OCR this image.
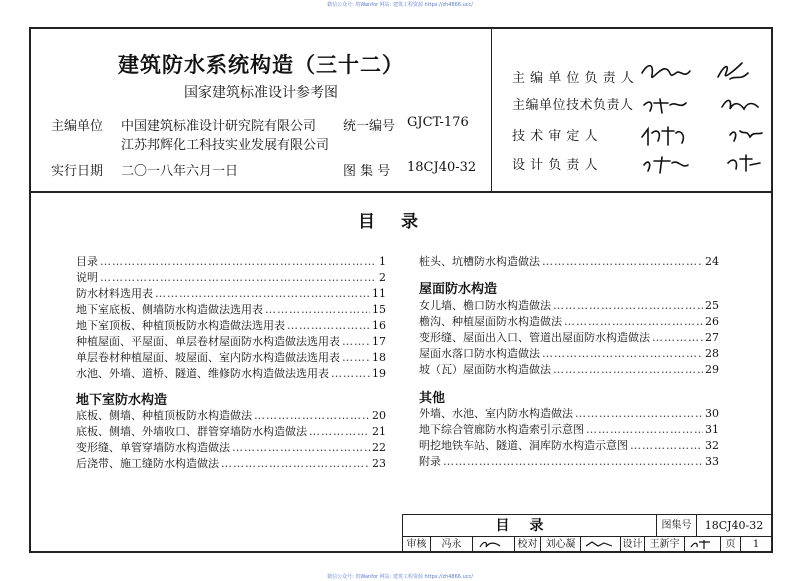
微信公众号: 筑Wanfor 网站: 建筑工程资源 https://zh4866.ucc/
建筑防水系统构造（三十二）
国家建筑标准设计参考图
主编单位 中国建筑标准设计研究院有限公司
江苏邦辉化工科技实业发展有限公司
统一编号 GJCT-176
实行日期 二〇一八年六月一日	图 集 号 18CJ40-32
主 编 单 位 负 责 人
主编单位技术负责人
技 术 审 定 人
设 计 负 责 人
目录
目录 …………………………………………………………………………………………………………………………………………………………	1
说明 …………………………………………………………………………………………………………………………………………………………	2
防水材料选用表 …………………………………………………………………………………………………………………………………………………………	11
地下室底板、侧墙防水构造做法选用表 …………………………………………………………………………………………………………………………………………………………	15
地下室顶板、种植顶板防水构造做法选用表 …………………………………………………………………………………………………………………………………………………………	16
种植屋面、平屋面、单层卷材屋面防水构造做法选用表 …………………………………………………………………………………………………………………………………………………………	17
单层卷材种植屋面、坡屋面、室内防水构造做法选用表 …………………………………………………………………………………………………………………………………………………………	18
水池、外墙、道桥、隧道、维修防水构造做法选用表 …………………………………………………………………………………………………………………………………………………………	19
地下室防水构造
底板、侧墙、种植顶板防水构造做法 …………………………………………………………………………………………………………………………………………………………	20
底板、侧墙、外墙收口、群管穿墙防水构造做法 …………………………………………………………………………………………………………………………………………………………	21
变形缝、单管穿墙防水构造做法 …………………………………………………………………………………………………………………………………………………………	22
后浇带、施工缝防水构造做法 …………………………………………………………………………………………………………………………………………………………	23
桩头、坑槽防水构造做法 …………………………………………………………………………………………………………………………………………………………	24
屋面防水构造
女儿墙、檐口防水构造做法 …………………………………………………………………………………………………………………………………………………………	25
檐沟、种植屋面防水构造做法 …………………………………………………………………………………………………………………………………………………………	26
变形缝、屋面出入口、管道出屋面防水构造做法 …………………………………………………………………………………………………………………………………………………………	27
屋面水落口防水构造做法 …………………………………………………………………………………………………………………………………………………………	28
坡（瓦）屋面防水构造做法 …………………………………………………………………………………………………………………………………………………………	29
其他
外墙、水池、室内防水构造做法 …………………………………………………………………………………………………………………………………………………………	30
地下综合管廊防水构造索引示意图 …………………………………………………………………………………………………………………………………………………………	31
明挖地铁车站、隧道、洞库防水构造示意图 …………………………………………………………………………………………………………………………………………………………	32
附录 …………………………………………………………………………………………………………………………………………………………	33
目录	图集号	18CJ40-32
审核	冯永	校对 刘心凝	设计 王新宇	页	1
微信公众号: 筑Wanfor 网站: 建筑工程资源 https://zh4866.ucc/
